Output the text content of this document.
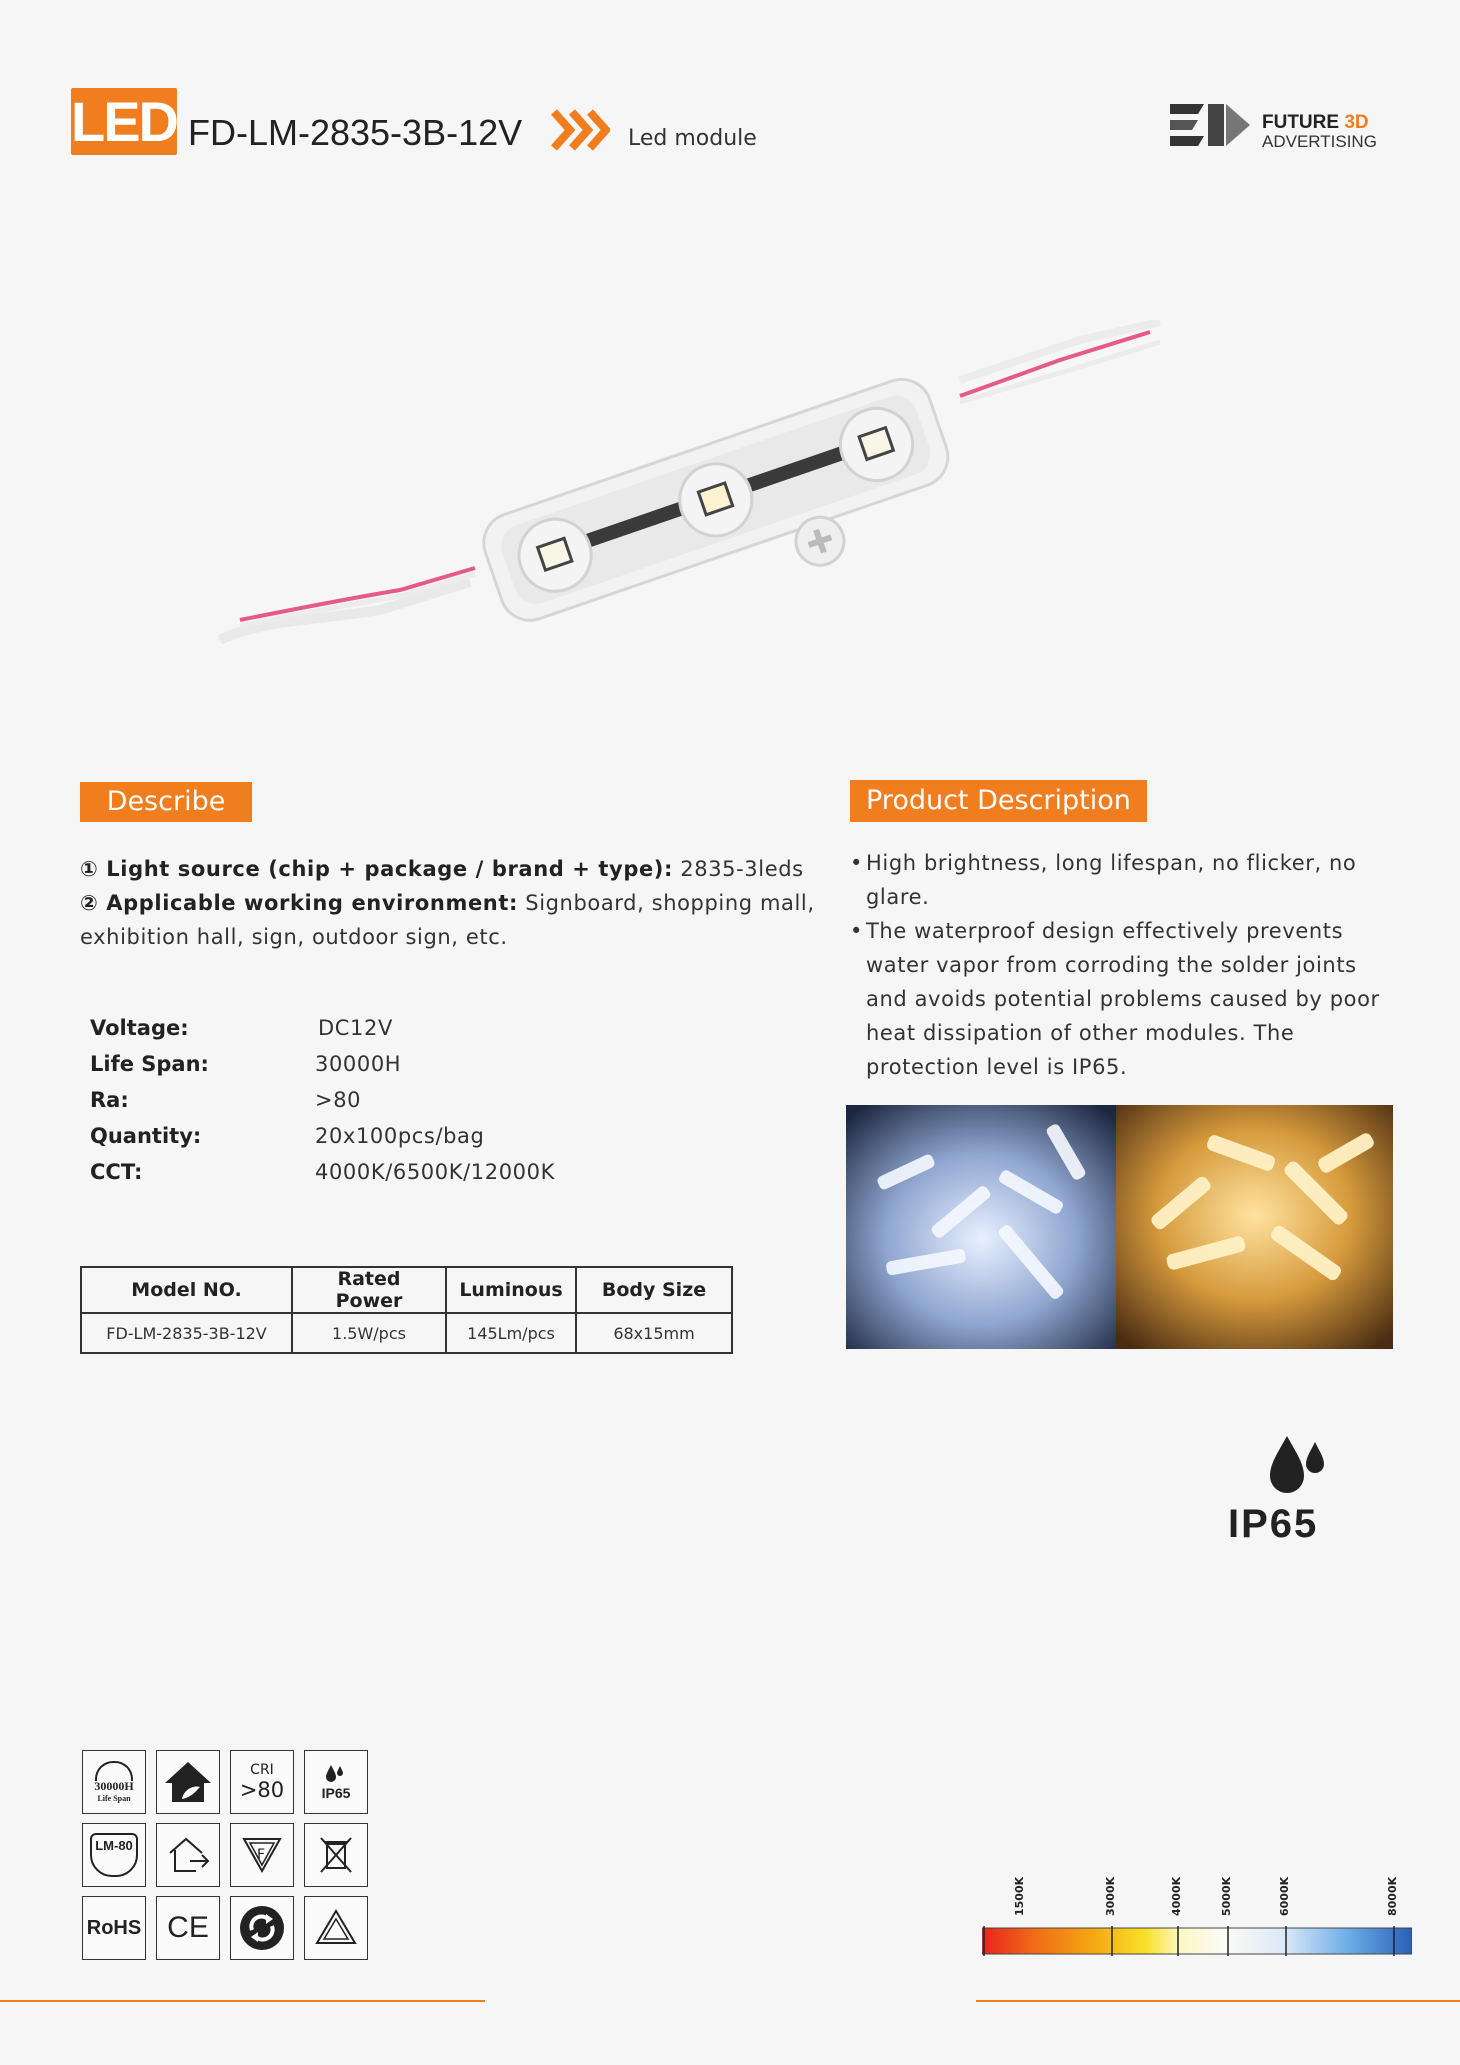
LED FD-LM-2835-3B-12V	Led module
FUTURE 3D
ADVERTISING
Describe
① Light source (chip + package / brand + type): 2835-3leds
② Applicable working environment: Signboard, shopping mall, exhibition hall, sign, outdoor sign, etc.
Voltage:	DC12V
Life Span:	30000H
Ra:	>80
Quantity:	20x100pcs/bag
CCT:	4000K/6500K/12000K
Model NO.	Rated Power	Luminous	Body Size
FD-LM-2835-3B-12V	1.5W/pcs	145Lm/pcs	68x15mm
Product Description
• High brightness, long lifespan, no flicker, no glare.
• The waterproof design effectively prevents water vapor from corroding the solder joints and avoids potential problems caused by poor heat dissipation of other modules. The protection level is IP65.
IP65
30000H
Life Span
CRI
>80	IP65
LM-80
F
RoHS CE
1500K	3000K	4000K	5000K	6000K	8000K
